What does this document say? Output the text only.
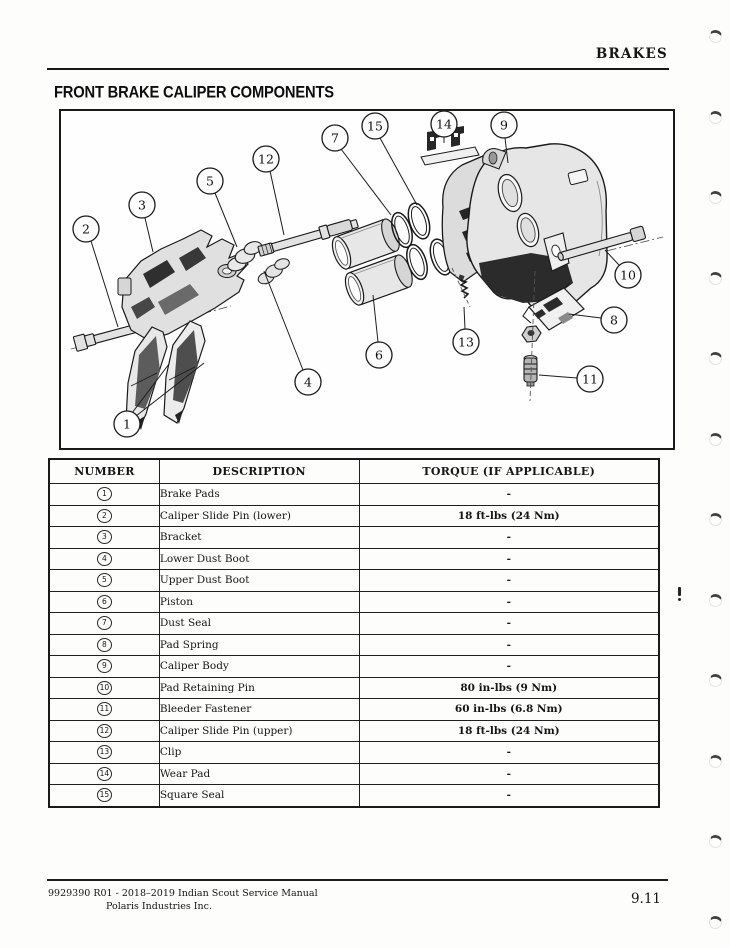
BRAKES
FRONT BRAKE CALIPER COMPONENTS
1
2
3
4
5
6
7
8
9
10
11
12
13
14
15
NUMBER	DESCRIPTION	TORQUE (IF APPLICABLE)
1	Brake Pads	-
2	Caliper Slide Pin (lower)	18 ft-lbs (24 Nm)
3	Bracket	-
4	Lower Dust Boot	-
5	Upper Dust Boot	-
6	Piston	-
7	Dust Seal	-
8	Pad Spring	-
9	Caliper Body	-
10	Pad Retaining Pin	80 in-lbs (9 Nm)
11	Bleeder Fastener	60 in-lbs (6.8 Nm)
12	Caliper Slide Pin (upper)	18 ft-lbs (24 Nm)
13	Clip	-
14	Wear Pad	-
15	Square Seal	-
9929390 R01 - 2018–2019 Indian Scout Service Manual
Polaris Industries Inc.	9.11
